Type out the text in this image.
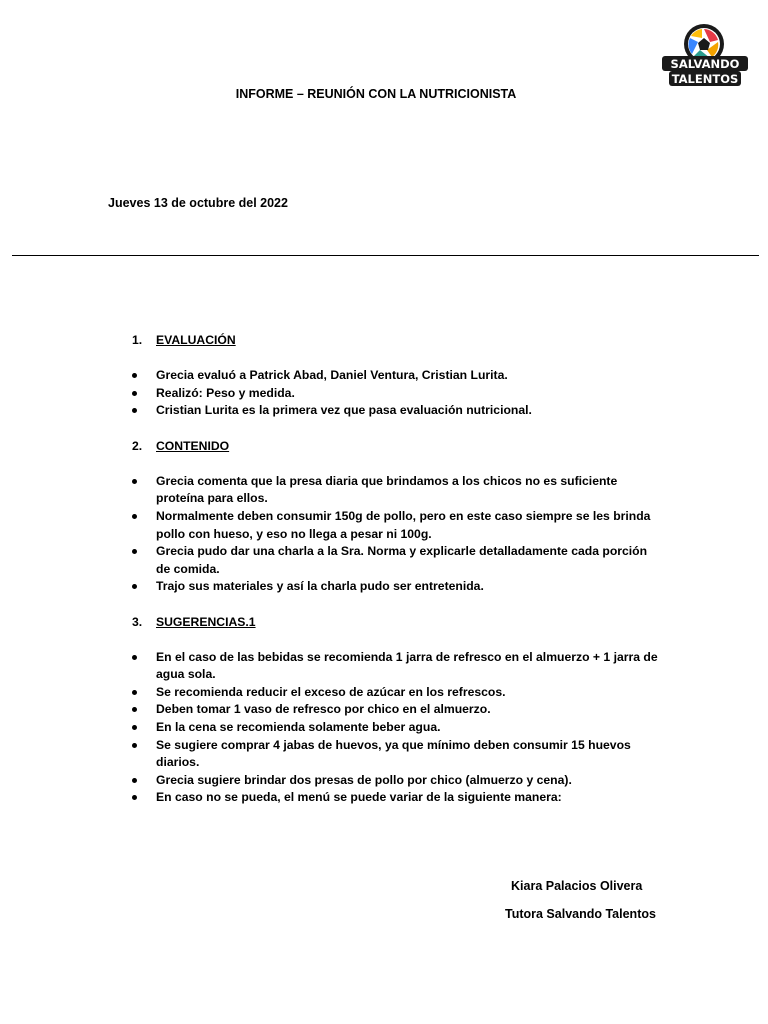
SALVANDO
TALENTOS
INFORME – REUNIÓN CON LA NUTRICIONISTA
Jueves 13 de octubre del 2022
1.	EVALUACIÓN
Grecia evaluó a Patrick Abad, Daniel Ventura, Cristian Lurita.
Realizó: Peso y medida.
Cristian Lurita es la primera vez que pasa evaluación nutricional.
2.	CONTENIDO
Grecia comenta que la presa diaria que brindamos a los chicos no es suficiente proteína para ellos.
Normalmente deben consumir 150g de pollo, pero en este caso siempre se les brinda pollo con hueso, y eso no llega a pesar ni 100g.
Grecia pudo dar una charla a la Sra. Norma y explicarle detalladamente cada porción de comida.
Trajo sus materiales y así la charla pudo ser entretenida.
3.	SUGERENCIAS.1
En el caso de las bebidas se recomienda 1 jarra de refresco en el almuerzo + 1 jarra de agua sola.
Se recomienda reducir el exceso de azúcar en los refrescos.
Deben tomar 1 vaso de refresco por chico en el almuerzo.
En la cena se recomienda solamente beber agua.
Se sugiere comprar 4 jabas de huevos, ya que mínimo deben consumir 15 huevos diarios.
Grecia sugiere brindar dos presas de pollo por chico (almuerzo y cena).
En caso no se pueda, el menú se puede variar de la siguiente manera:
Kiara Palacios Olivera
Tutora Salvando Talentos
